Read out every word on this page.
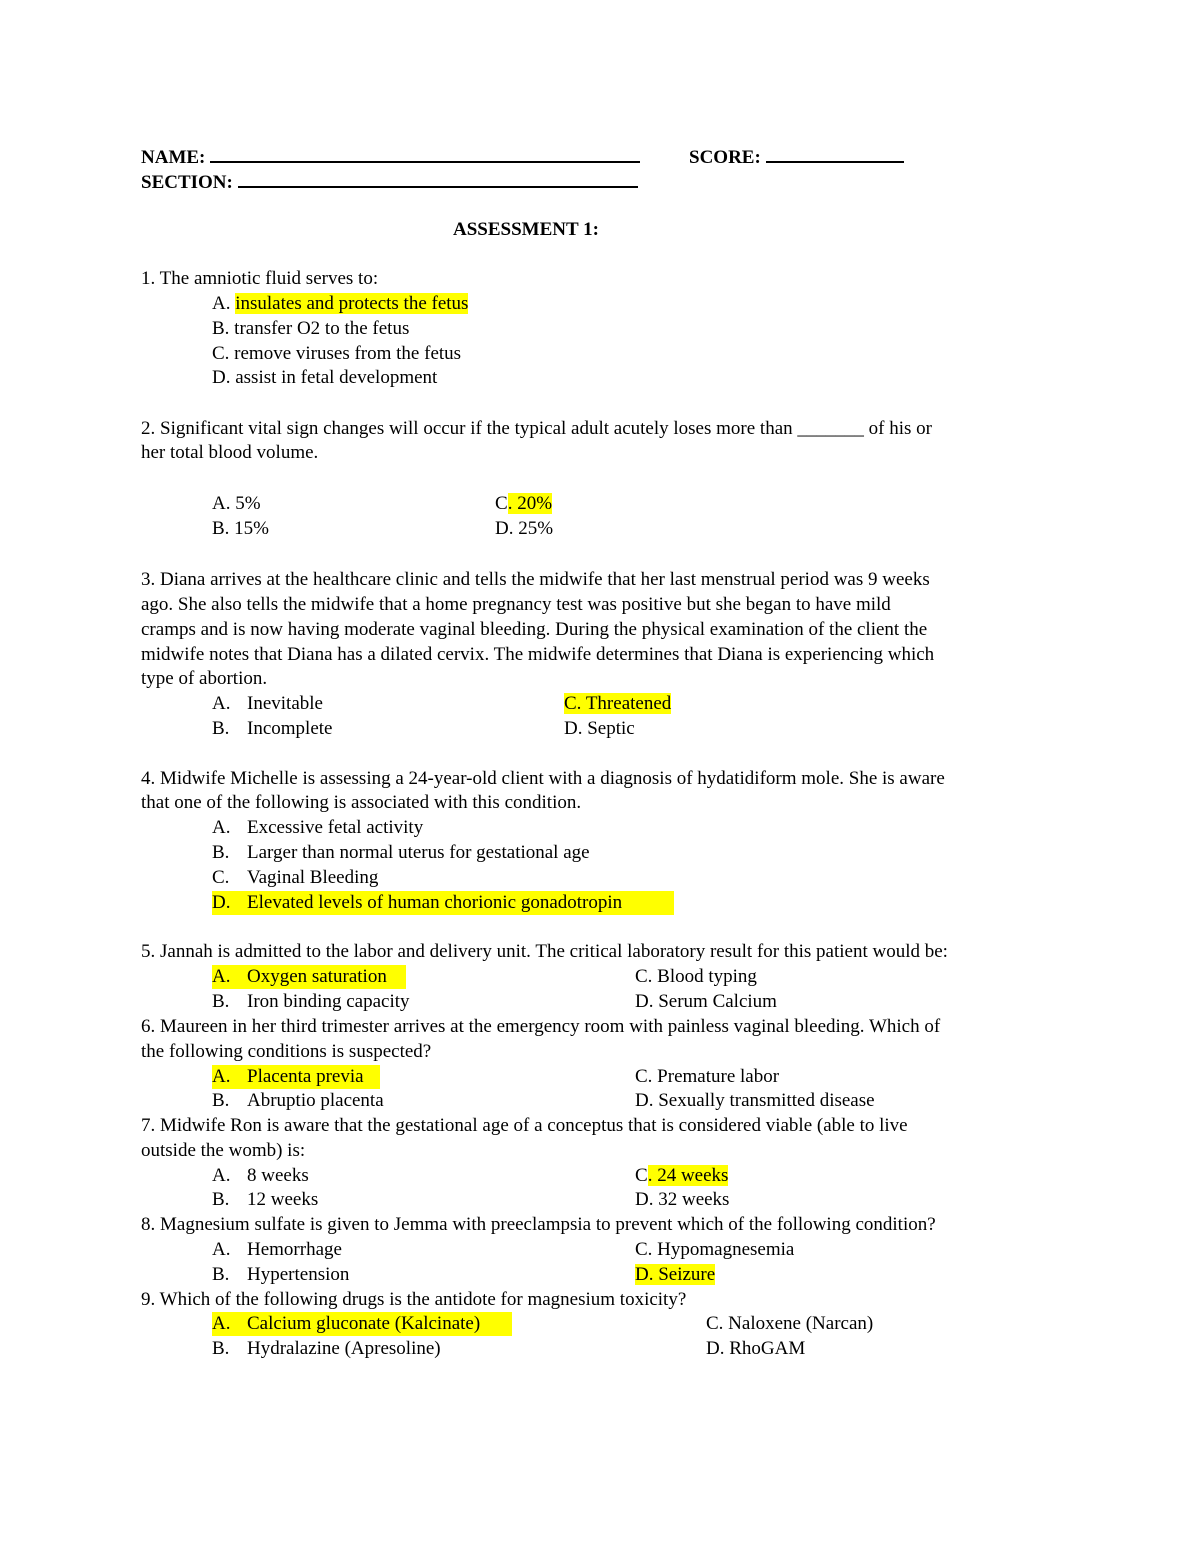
NAME:	SCORE:
SECTION:
ASSESSMENT 1:
1. The amniotic fluid serves to:
A. insulates and protects the fetus
B. transfer O2 to the fetus
C. remove viruses from the fetus
D. assist in fetal development
2. Significant vital sign changes will occur if the typical adult acutely loses more than _______ of his or
her total blood volume.
A. 5%	C. 20%
B. 15%	D. 25%
3. Diana arrives at the healthcare clinic and tells the midwife that her last menstrual period was 9 weeks
ago. She also tells the midwife that a home pregnancy test was positive but she began to have mild
cramps and is now having moderate vaginal bleeding. During the physical examination of the client the
midwife notes that Diana has a dilated cervix. The midwife determines that Diana is experiencing which
type of abortion.
A. Inevitable	C. Threatened
B. Incomplete	D. Septic
4. Midwife Michelle is assessing a 24-year-old client with a diagnosis of hydatidiform mole. She is aware
that one of the following is associated with this condition.
A. Excessive fetal activity
B. Larger than normal uterus for gestational age
C. Vaginal Bleeding
D. Elevated levels of human chorionic gonadotropin
5. Jannah is admitted to the labor and delivery unit. The critical laboratory result for this patient would be:
A. Oxygen saturation	C. Blood typing
B. Iron binding capacity	D. Serum Calcium
6. Maureen in her third trimester arrives at the emergency room with painless vaginal bleeding. Which of
the following conditions is suspected?
A. Placenta previa	C. Premature labor
B. Abruptio placenta	D. Sexually transmitted disease
7. Midwife Ron is aware that the gestational age of a conceptus that is considered viable (able to live
outside the womb) is:
A. 8 weeks	C. 24 weeks
B. 12 weeks	D. 32 weeks
8. Magnesium sulfate is given to Jemma with preeclampsia to prevent which of the following condition?
A. Hemorrhage	C. Hypomagnesemia
B. Hypertension	D. Seizure
9. Which of the following drugs is the antidote for magnesium toxicity?
A. Calcium gluconate (Kalcinate)	C. Naloxene (Narcan)
B. Hydralazine (Apresoline)	D. RhoGAM
